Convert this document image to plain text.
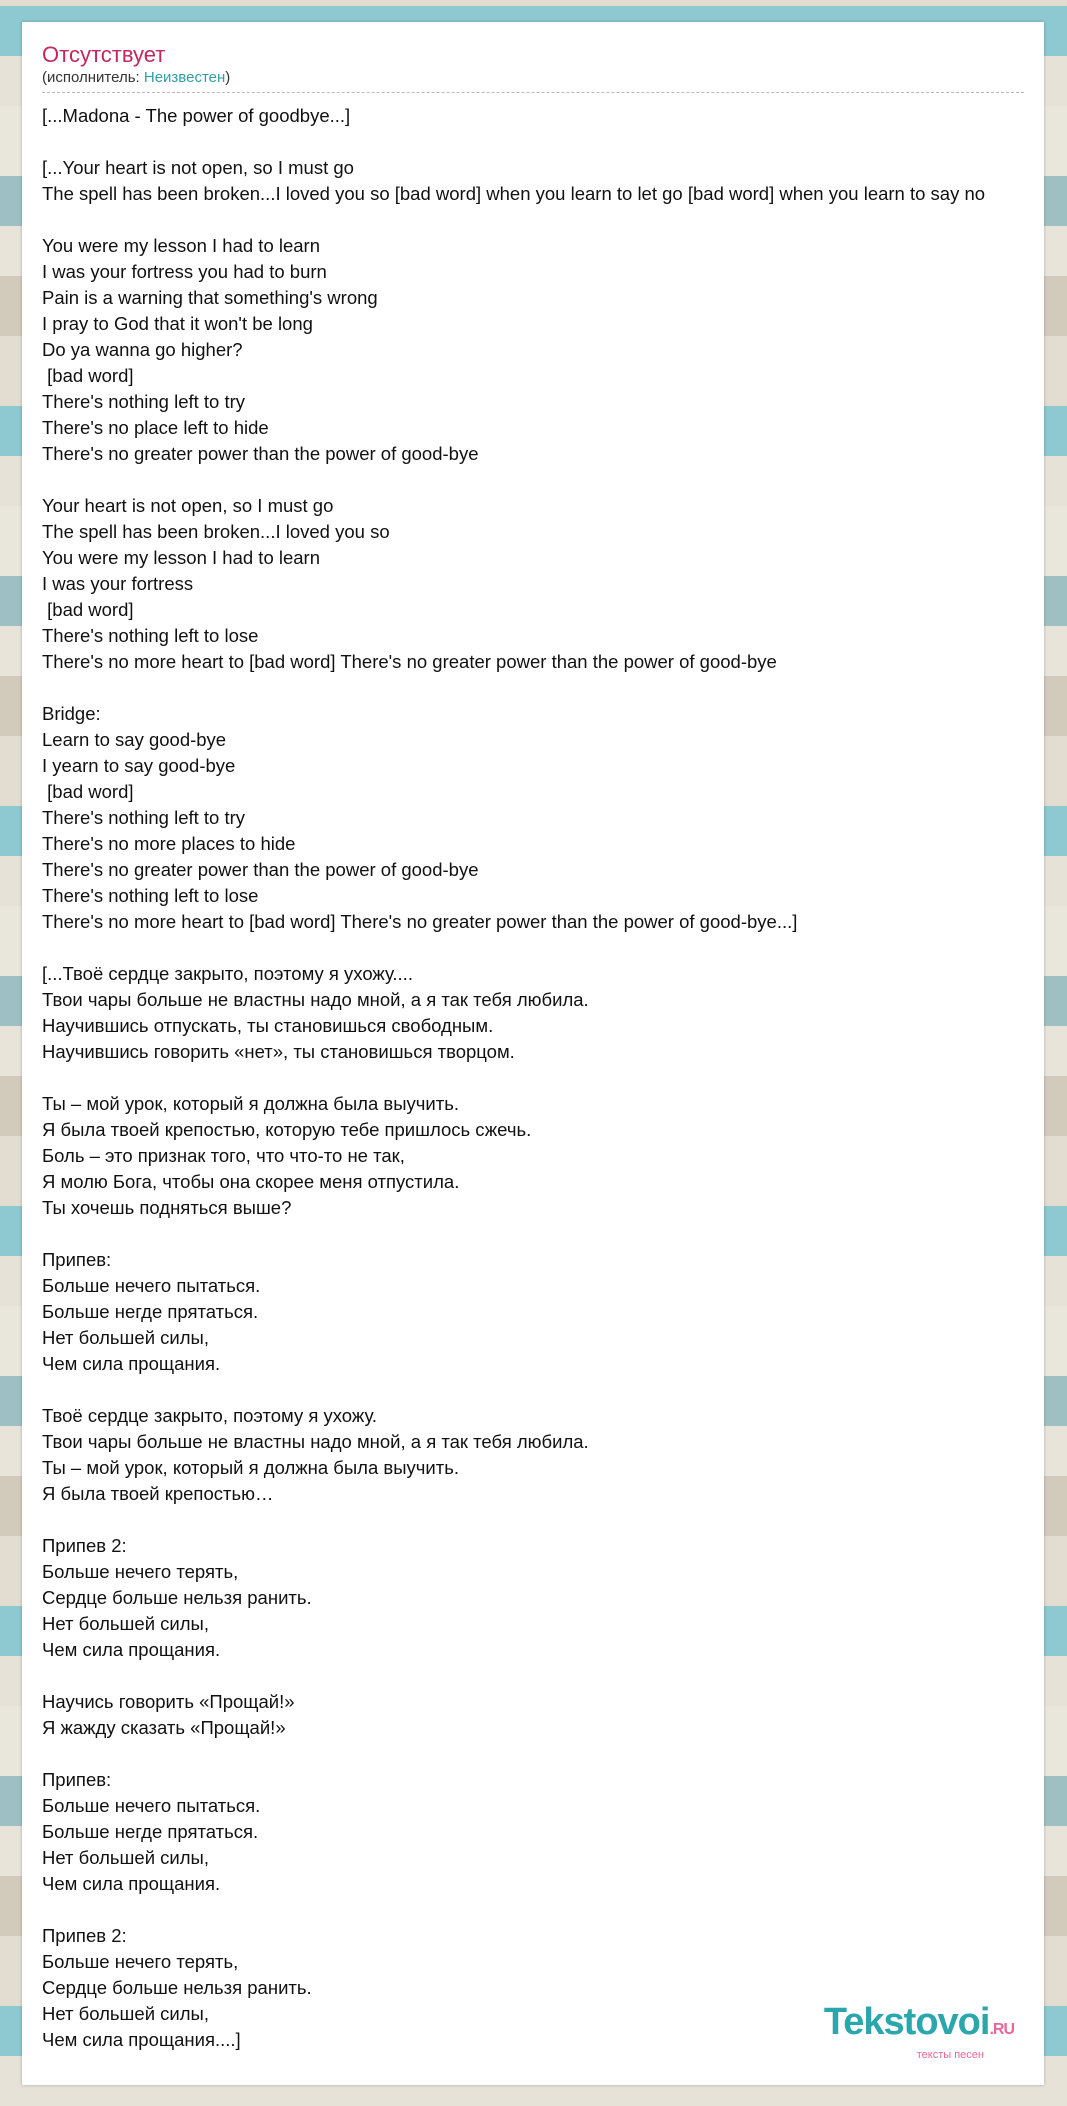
Отсутствует
(исполнитель: Неизвестен)
[...Madona - The power of goodbye...]
[...Your heart is not open, so I must go
The spell has been broken...I loved you so [bad word] when you learn to let go [bad word] when you learn to say no
You were my lesson I had to learn
I was your fortress you had to burn
Pain is a warning that something's wrong
I pray to God that it won't be long
Do ya wanna go higher?
[bad word]
There's nothing left to try
There's no place left to hide
There's no greater power than the power of good-bye
Your heart is not open, so I must go
The spell has been broken...I loved you so
You were my lesson I had to learn
I was your fortress
[bad word]
There's nothing left to lose
There's no more heart to [bad word] There's no greater power than the power of good-bye
Bridge:
Learn to say good-bye
I yearn to say good-bye
[bad word]
There's nothing left to try
There's no more places to hide
There's no greater power than the power of good-bye
There's nothing left to lose
There's no more heart to [bad word] There's no greater power than the power of good-bye...]
[...Твоё сердце закрыто, поэтому я ухожу....
Твои чары больше не властны надо мной, а я так тебя любила.
Научившись отпускать, ты становишься свободным.
Научившись говорить «нет», ты становишься творцом.
Ты – мой урок, который я должна была выучить.
Я была твоей крепостью, которую тебе пришлось сжечь.
Боль – это признак того, что что-то не так,
Я молю Бога, чтобы она скорее меня отпустила.
Ты хочешь подняться выше?
Припев:
Больше нечего пытаться.
Больше негде прятаться.
Нет большей силы,
Чем сила прощания.
Твоё сердце закрыто, поэтому я ухожу.
Твои чары больше не властны надо мной, а я так тебя любила.
Ты – мой урок, который я должна была выучить.
Я была твоей крепостью…
Припев 2:
Больше нечего терять,
Сердце больше нельзя ранить.
Нет большей силы,
Чем сила прощания.
Научись говорить «Прощай!»
Я жажду сказать «Прощай!»
Припев:
Больше нечего пытаться.
Больше негде прятаться.
Нет большей силы,
Чем сила прощания.
Припев 2:
Больше нечего терять,
Сердце больше нельзя ранить.
Нет большей силы,
Чем сила прощания....]	Tekstovoi.RU
тексты песен
